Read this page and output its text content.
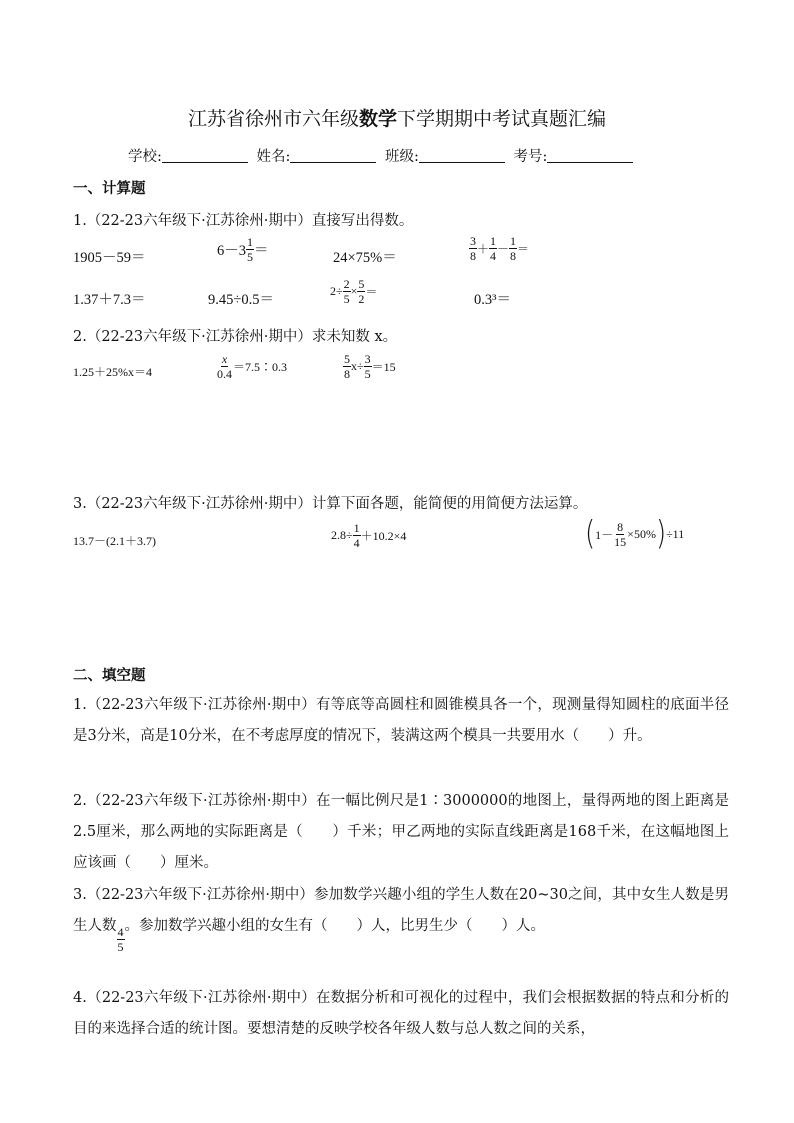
江苏省徐州市六年级数学下学期期中考试真题汇编
学校:	姓名:	班级:	考号:
一、计算题
1.（22-23六年级下·江苏徐州·期中）直接写出得数。
1905－59＝	$6-3 \frac{1}{5}$ ＝	24×75%＝	$\frac{3}{8} + \frac{1}{4} - \frac{1}{8}$ ＝
1.37＋7.3＝	9.45÷0.5＝
$2\div \frac{2}{5} \times \frac{5}{2}$ ＝	0.3³＝
2.（22-23六年级下·江苏徐州·期中）求未知数 x。
1.25＋25%x＝4	$\frac{x}{0.4}$ ＝7.5∶0.3	$\frac{5}{8} x\div \frac{3}{5} =15$
3.（22-23六年级下·江苏徐州·期中）计算下面各题，能简便的用简便方法运算。
13.7－(2.1＋3.7)	$2.8\div \frac{1}{4} +10.2\times 4$	( $1- \frac{8}{15} \times 50\%$ ) ÷11
二、填空题
1.（22-23六年级下·江苏徐州·期中）有等底等高圆柱和圆锥模具各一个，现测量得知圆柱的底面半径是3分米，高是10分米，在不考虑厚度的情况下，装满这两个模具一共要用水（　　）升。
2.（22-23六年级下·江苏徐州·期中）在一幅比例尺是1∶3000000的地图上，量得两地的图上距离是2.5厘米，那么两地的实际距离是（　　）千米；甲乙两地的实际直线距离是168千米，在这幅地图上应该画（　　）厘米。
3.（22-23六年级下·江苏徐州·期中）参加数学兴趣小组的学生人数在20~30之间，其中女生人数是男生人数 $\frac{4}{5}$ 。参加数学兴趣小组的女生有（　　）人，比男生少（　　）人。
4.（22-23六年级下·江苏徐州·期中）在数据分析和可视化的过程中，我们会根据数据的特点和分析的目的来选择合适的统计图。要想清楚的反映学校各年级人数与总人数之间的关系，
